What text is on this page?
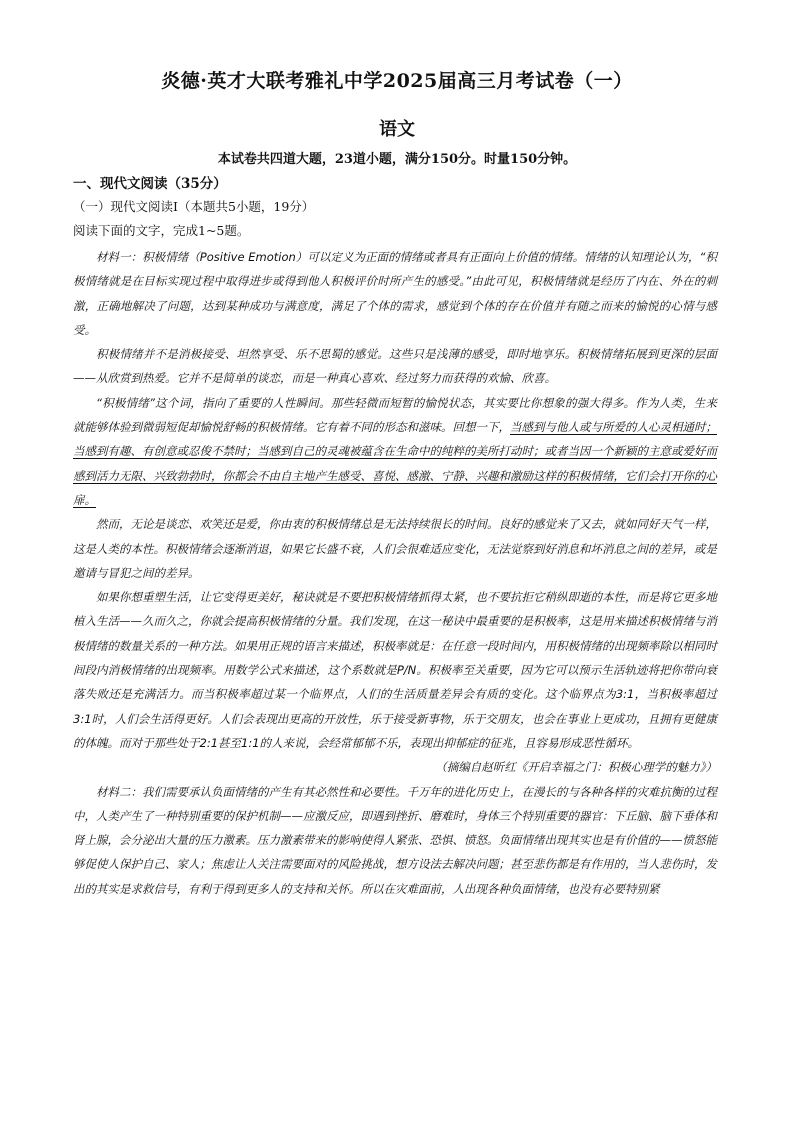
炎德·英才大联考雅礼中学2025届高三月考试卷（一）
语文
本试卷共四道大题，23道小题，满分150分。时量150分钟。
一、现代文阅读（35分）
（一）现代文阅读Ⅰ（本题共5小题，19分）
阅读下面的文字，完成1~5题。

材料一：积极情绪（Positive Emotion）可以定义为正面的情绪或者具有正面向上价值的情绪。情绪的认知理论认为，“积极情绪就是在目标实现过程中取得进步或得到他人积极评价时所产生的感受。”由此可见，积极情绪就是经历了内在、外在的刺激，正确地解决了问题，达到某种成功与满意度，满足了个体的需求，感觉到个体的存在价值并有随之而来的愉悦的心情与感受。

积极情绪并不是消极接受、坦然享受、乐不思蜀的感觉。这些只是浅薄的感受，即时地享乐。积极情绪拓展到更深的层面——从欣赏到热爱。它并不是简单的谈恋，而是一种真心喜欢、经过努力而获得的欢愉、欣喜。

“积极情绪”这个词，指向了重要的人性瞬间。那些轻微而短暂的愉悦状态，其实要比你想象的强大得多。作为人类，生来就能够体验到微弱短促却愉悦舒畅的积极情绪。它有着不同的形态和滋味。回想一下，当感到与他人或与所爱的人心灵相通时；当感到有趣、有创意或忍俊不禁时；当感到自己的灵魂被蕴含在生命中的纯粹的美所打动时；或者当因一个新颖的主意或爱好而感到活力无限、兴致勃勃时，你都会不由自主地产生感受、喜悦、感激、宁静、兴趣和激励这样的积极情绪，它们会打开你的心扉。

然而，无论是谈恋、欢笑还是爱，你由衷的积极情绪总是无法持续很长的时间。良好的感觉来了又去，就如同好天气一样，这是人类的本性。积极情绪会逐渐消退，如果它长盛不衰，人们会很难适应变化，无法觉察到好消息和坏消息之间的差异，或是邀请与冒犯之间的差异。

如果你想重塑生活，让它变得更美好，秘诀就是不要把积极情绪抓得太紧，也不要抗拒它稍纵即逝的本性，而是将它更多地植入生活——久而久之，你就会提高积极情绪的分量。我们发现，在这一秘诀中最重要的是积极率，这是用来描述积极情绪与消极情绪的数量关系的一种方法。如果用正规的语言来描述，积极率就是：在任意一段时间内，用积极情绪的出现频率除以相同时间段内消极情绪的出现频率。用数学公式来描述，这个系数就是P/N。积极率至关重要，因为它可以预示生活轨迹将把你带向衰落失败还是充满活力。而当积极率超过某一个临界点，人们的生活质量差异会有质的变化。这个临界点为3:1，当积极率超过3:1时，人们会生活得更好。人们会表现出更高的开放性，乐于接受新事物，乐于交朋友，也会在事业上更成功，且拥有更健康的体魄。而对于那些处于2:1甚至1:1的人来说，会经常郁郁不乐，表现出抑郁症的征兆，且容易形成恶性循环。

（摘编自赵昕红《开启幸福之门：积极心理学的魅力》）

材料二：我们需要承认负面情绪的产生有其必然性和必要性。千万年的进化历史上，在漫长的与各种各样的灾难抗衡的过程中，人类产生了一种特别重要的保护机制——应激反应，即遇到挫折、磨难时，身体三个特别重要的器官：下丘脑、脑下垂体和肾上腺，会分泌出大量的压力激素。压力激素带来的影响使得人紧张、恐惧、愤怒。负面情绪出现其实也是有价值的——愤怒能够促使人保护自己、家人；焦虑让人关注需要面对的风险挑战，想方设法去解决问题；甚至悲伤都是有作用的，当人悲伤时，发出的其实是求救信号，有利于得到更多人的支持和关怀。所以在灾难面前，人出现各种负面情绪，也没有必要特别紧
